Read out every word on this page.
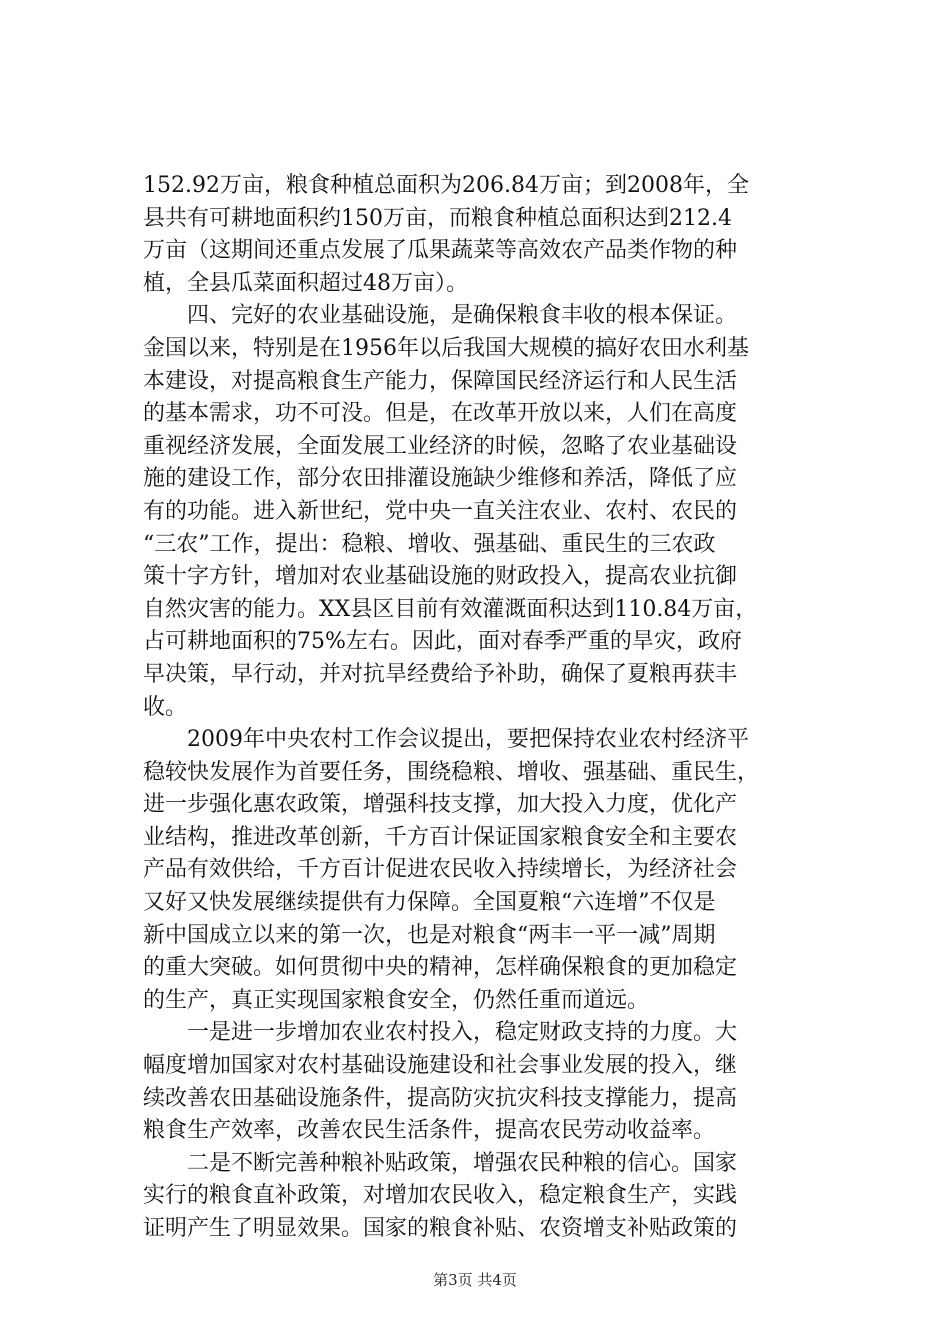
152.92万亩，粮食种植总面积为206.84万亩；到2008年，全
县共有可耕地面积约150万亩，而粮食种植总面积达到212.4
万亩（这期间还重点发展了瓜果蔬菜等高效农产品类作物的种
植，全县瓜菜面积超过48万亩）。
四、完好的农业基础设施，是确保粮食丰收的根本保证。
金国以来，特别是在1956年以后我国大规模的搞好农田水利基
本建设，对提高粮食生产能力，保障国民经济运行和人民生活
的基本需求，功不可没。但是，在改革开放以来，人们在高度
重视经济发展，全面发展工业经济的时候，忽略了农业基础设
施的建设工作，部分农田排灌设施缺少维修和养活，降低了应
有的功能。进入新世纪，党中央一直关注农业、农村、农民的
“三农”工作，提出：稳粮、增收、强基础、重民生的三农政
策十字方针，增加对农业基础设施的财政投入，提高农业抗御
自然灾害的能力。XX县区目前有效灌溉面积达到110.84万亩，
占可耕地面积的75%左右。因此，面对春季严重的旱灾，政府
早决策，早行动，并对抗旱经费给予补助，确保了夏粮再获丰
收。
2009年中央农村工作会议提出，要把保持农业农村经济平
稳较快发展作为首要任务，围绕稳粮、增收、强基础、重民生，
进一步强化惠农政策，增强科技支撑，加大投入力度，优化产
业结构，推进改革创新，千方百计保证国家粮食安全和主要农
产品有效供给，千方百计促进农民收入持续增长，为经济社会
又好又快发展继续提供有力保障。全国夏粮“六连增”不仅是
新中国成立以来的第一次，也是对粮食“两丰一平一减”周期
的重大突破。如何贯彻中央的精神，怎样确保粮食的更加稳定
的生产，真正实现国家粮食安全，仍然任重而道远。
一是进一步增加农业农村投入，稳定财政支持的力度。大
幅度增加国家对农村基础设施建设和社会事业发展的投入，继
续改善农田基础设施条件，提高防灾抗灾科技支撑能力，提高
粮食生产效率，改善农民生活条件，提高农民劳动收益率。
二是不断完善种粮补贴政策，增强农民种粮的信心。国家
实行的粮食直补政策，对增加农民收入，稳定粮食生产，实践
证明产生了明显效果。国家的粮食补贴、农资增支补贴政策的
第3页 共4页
